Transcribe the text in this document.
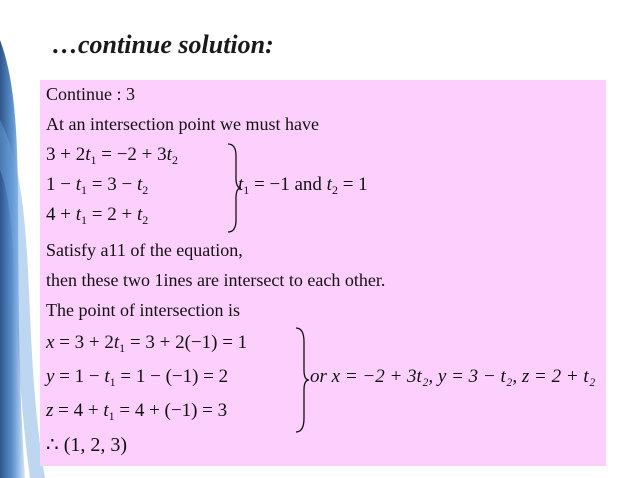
…continue solution:
Continue : 3
At an intersection point we must have
$3 + 2t_1 = -2 + 3t_2$
$1 - t_1 = 3 - t_2$
$4 + t_1 = 2 + t_2$
$t_1 = -1$ and $t_2 = 1$
Satisfy a11 of the equation,
then these two 1ines are intersect to each other.
The point of intersection is
$x = 3 + 2t_1 = 3 + 2(-1) = 1$
$y = 1 - t_1 = 1 - (-1) = 2$
$z = 4 + t_1 = 4 + (-1) = 3$
or x = −2 + 3t₂, y = 3 − t₂, z = 2 + t₂
∴ (1, 2, 3)
